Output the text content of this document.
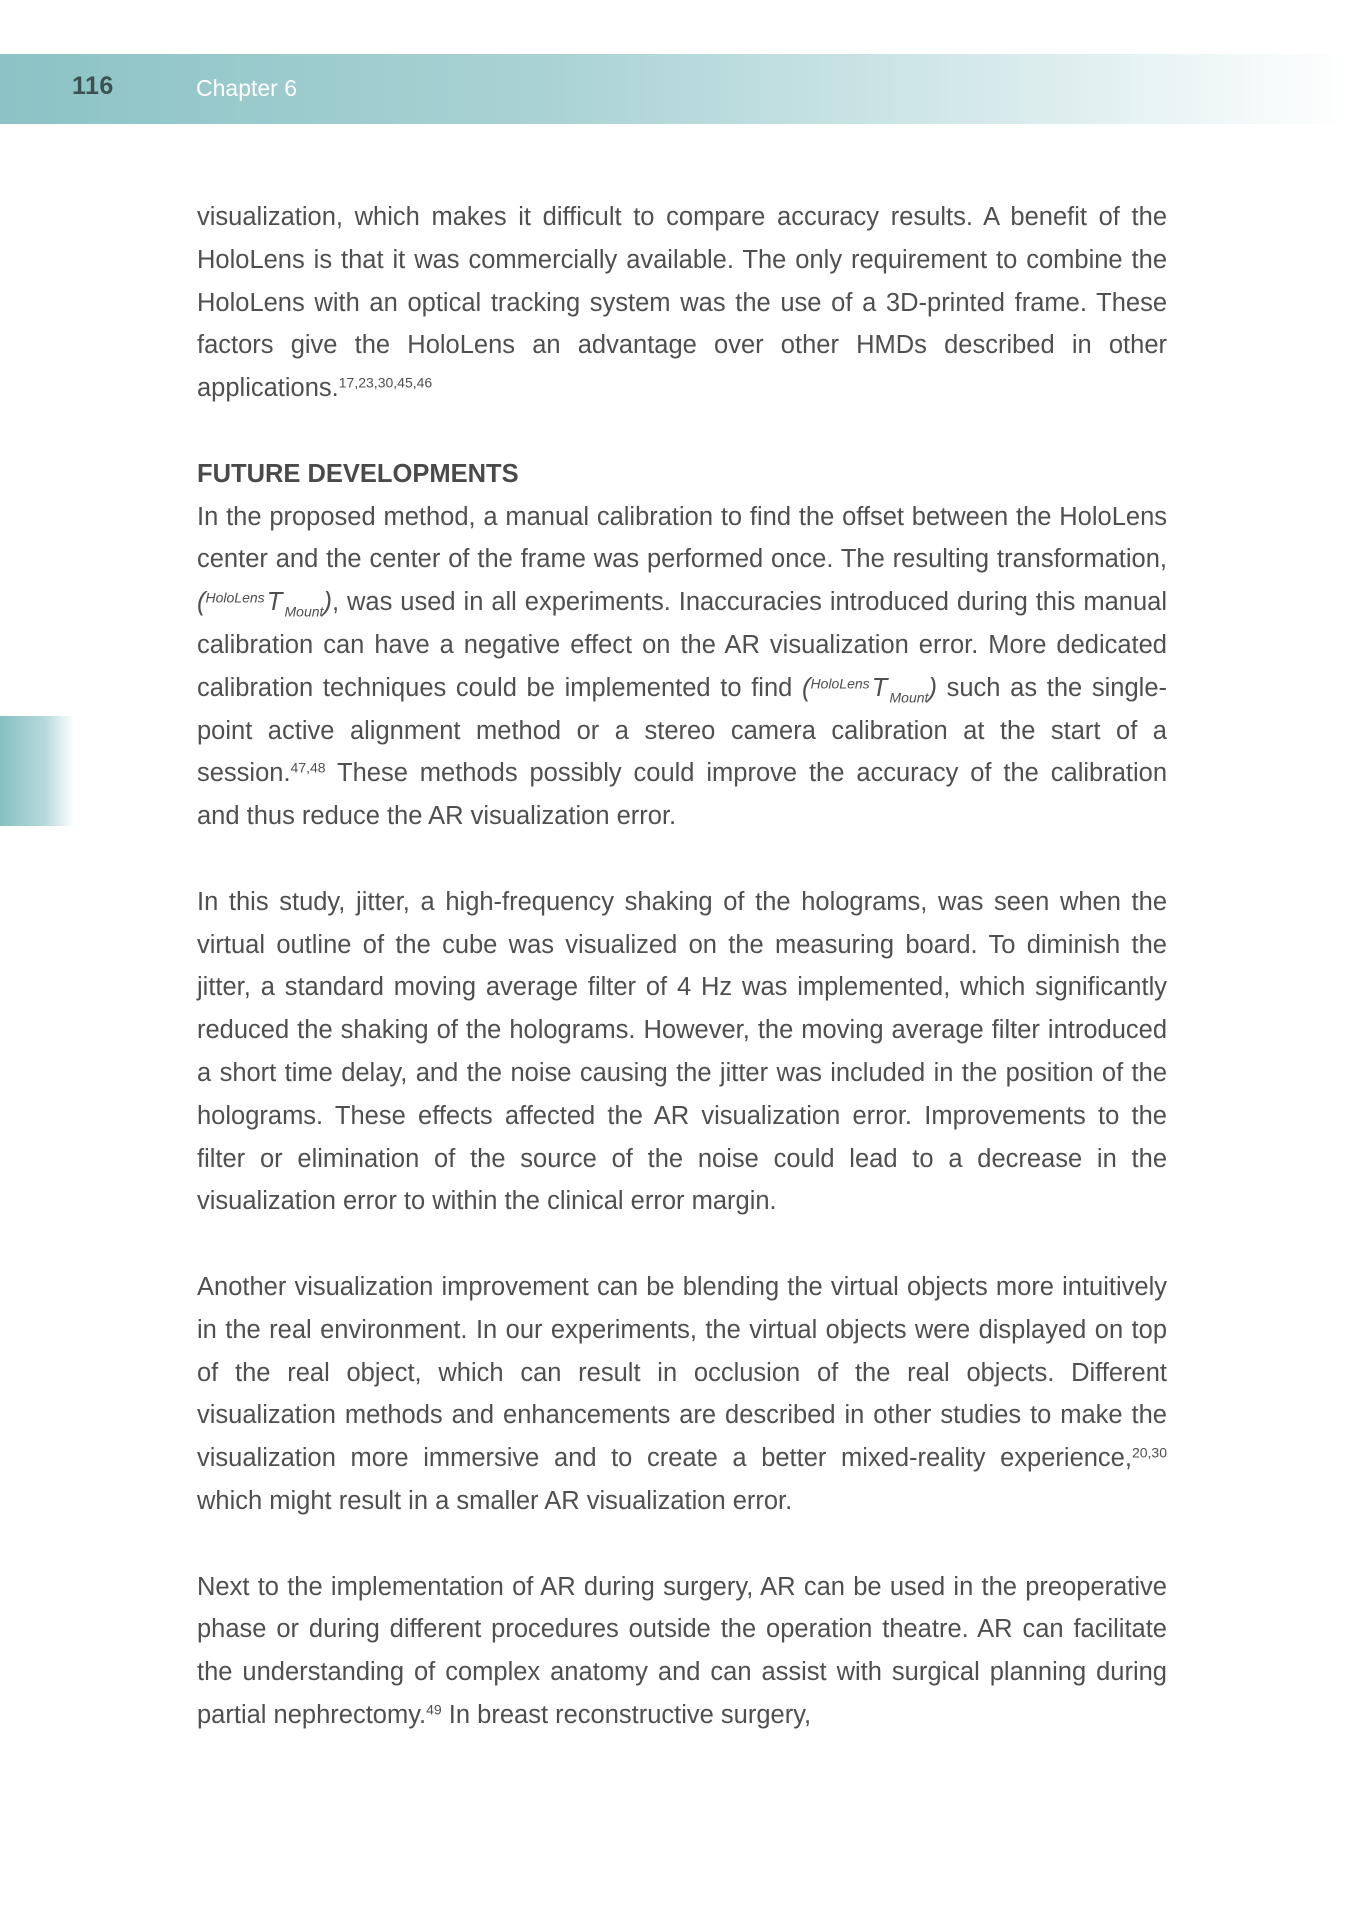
116	Chapter 6

visualization, which makes it difficult to compare accuracy results. A benefit of the HoloLens is that it was commercially available. The only requirement to combine the HoloLens with an optical tracking system was the use of a 3D-printed frame. These factors give the HoloLens an advantage over other HMDs described in other applications.$^{17,23,30,45,46}$

FUTURE DEVELOPMENTS

In the proposed method, a manual calibration to find the offset between the HoloLens center and the center of the frame was performed once. The resulting transformation, ($^{HoloLens}$ T  $_{Mount}$), was used in all experiments. Inaccuracies introduced during this manual calibration can have a negative effect on the AR visualization error. More dedicated calibration techniques could be implemented to find ($^{HoloLens}$ T  $_{Mount}$) such as the single-point active alignment method or a stereo camera calibration at the start of a session.$^{47,48}$ These methods possibly could improve the accuracy of the calibration and thus reduce the AR visualization error.

In this study, jitter, a high-frequency shaking of the holograms, was seen when the virtual outline of the cube was visualized on the measuring board. To diminish the jitter, a standard moving average filter of 4 Hz was implemented, which significantly reduced the shaking of the holograms. However, the moving average filter introduced a short time delay, and the noise causing the jitter was included in the position of the holograms. These effects affected the AR visualization error. Improvements to the filter or elimination of the source of the noise could lead to a decrease in the visualization error to within the clinical error margin.

Another visualization improvement can be blending the virtual objects more intuitively in the real environment. In our experiments, the virtual objects were displayed on top of the real object, which can result in occlusion of the real objects. Different visualization methods and enhancements are described in other studies to make the visualization more immersive and to create a better mixed-reality experience,$^{20,30}$ which might result in a smaller AR visualization error.

Next to the implementation of AR during surgery, AR can be used in the preoperative phase or during different procedures outside the operation theatre. AR can facilitate the understanding of complex anatomy and can assist with surgical planning during partial nephrectomy.$^{49}$ In breast reconstructive surgery,
